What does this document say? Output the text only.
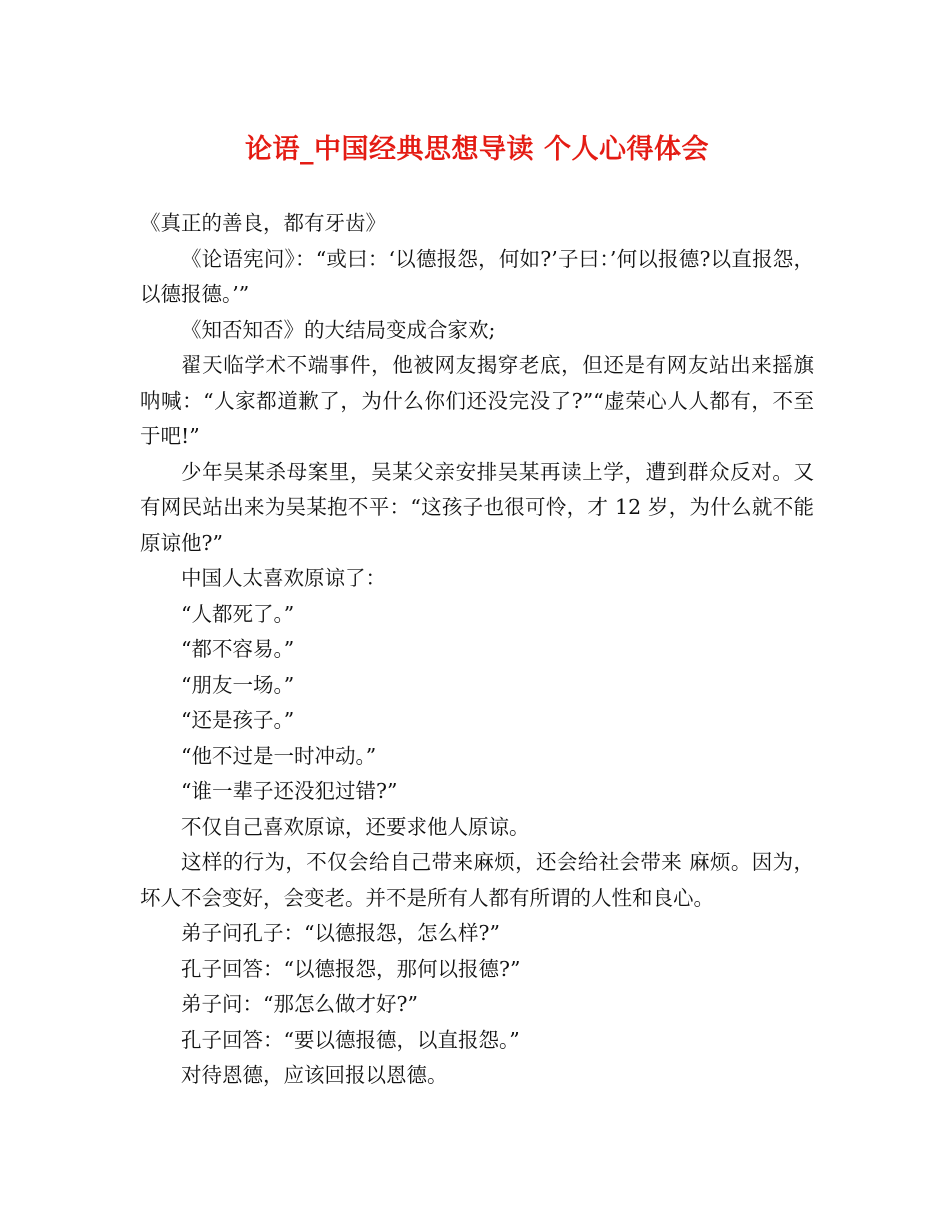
论语_中国经典思想导读 个人心得体会

《真正的善良，都有牙齿》

《论语宪问》：“或曰：‘以德报怨，何如?’子曰：’何以报德?以直报怨，以德报德。’”

《知否知否》的大结局变成合家欢;

翟天临学术不端事件，他被网友揭穿老底，但还是有网友站出来摇旗呐喊：“人家都道歉了，为什么你们还没完没了?”“虚荣心人人都有，不至于吧!”

少年吴某杀母案里，吴某父亲安排吴某再读上学，遭到群众反对。又有网民站出来为吴某抱不平：“这孩子也很可怜，才 12 岁，为什么就不能原谅他?”

中国人太喜欢原谅了：

“人都死了。”

“都不容易。”

“朋友一场。”

“还是孩子。”

“他不过是一时冲动。”

“谁一辈子还没犯过错?”

不仅自己喜欢原谅，还要求他人原谅。

这样的行为，不仅会给自己带来麻烦，还会给社会带来 麻烦。因为，坏人不会变好，会变老。并不是所有人都有所谓的人性和良心。

弟子问孔子：“以德报怨，怎么样?”

孔子回答：“以德报怨，那何以报德?”

弟子问：“那怎么做才好?”

孔子回答：“要以德报德，以直报怨。”

对待恩德，应该回报以恩德。
